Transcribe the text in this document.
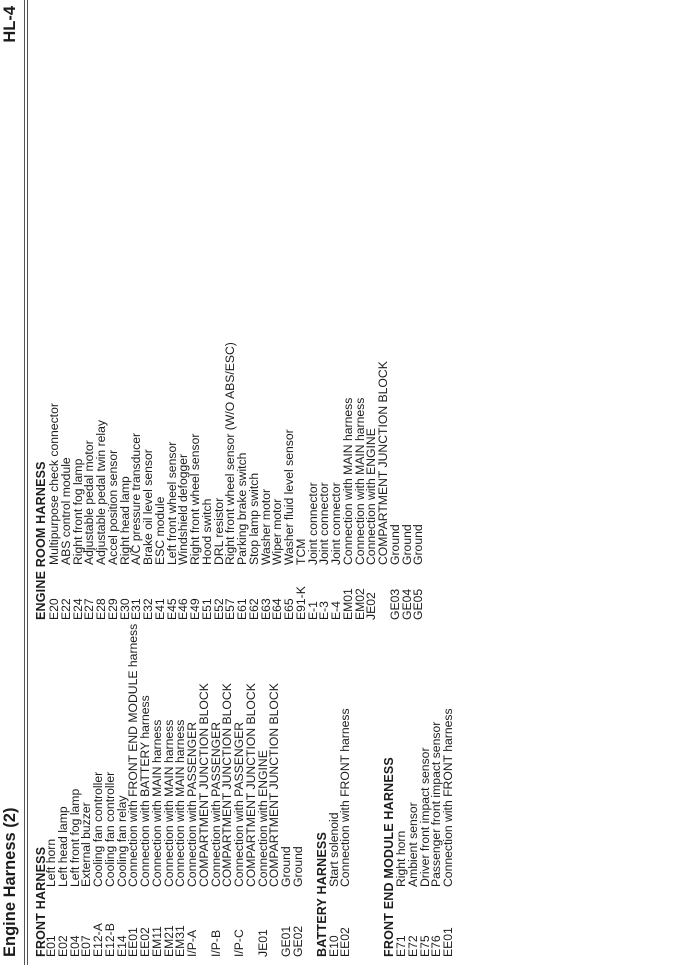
Engine Harness (2)
HL-4
FRONT HARNESS
E01Left horn
E02Left head lamp
E04Left front fog lamp
E07External buzzer
E12-ACooling fan controller
E12-BCooling fan controller
E14Cooling fan relay
EE01Connection with FRONT END MODULE harness
EE02Connection with BATTERY harness
EM11Connection with MAIN harness
EM21Connection with MAIN harness
EM31Connection with MAIN harness
I/P-AConnection with PASSENGER
COMPARTMENT JUNCTION BLOCK
I/P-BConnection with PASSENGER
COMPARTMENT JUNCTION BLOCK
I/P-CConnection with PASSENGER
COMPARTMENT JUNCTION BLOCK
JE01Connection with ENGINE
COMPARTMENT JUNCTION BLOCK
GE01Ground
GE02Ground BATTERY HARNESS
E10Start solenoid
EE02Connection with FRONT harness FRONT END MODULE HARNESS
E71Right horn
E72Ambient sensor
E75Driver front impact sensor
E76Passenger front impact sensor
EE01Connection with FRONT harness
ENGINE ROOM HARNESS E20Multipurpose check connector
E22ABS control module
E24Right front fog lamp
E27Adjustable pedal motor
E28Adjustable pedal twin relay
E29Accel position sensor
E30Right head lamp
E31A/C pressure transducer
E32Brake oil level sensor
E41ESC module
E45Left front wheel sensor
E46Windshield defogger
E49Right front wheel sensor
E51Hood switch
E52DRL resistor
E57Right front wheel sensor (W/O ABS/ESC)
E61Parking brake switch
E62Stop lamp switch
E63Washer motor
E64Wiper motor
E65Washer fluid level sensor
E91-KTCM
E-1Joint connector
E-3Joint connector
E-4Joint connector
EM01Connection with MAIN harness
EM02Connection with MAIN harness
JE02Connection with ENGINE
COMPARTMENT JUNCTION BLOCK
GE03Ground
GE04Ground
GE05Ground
